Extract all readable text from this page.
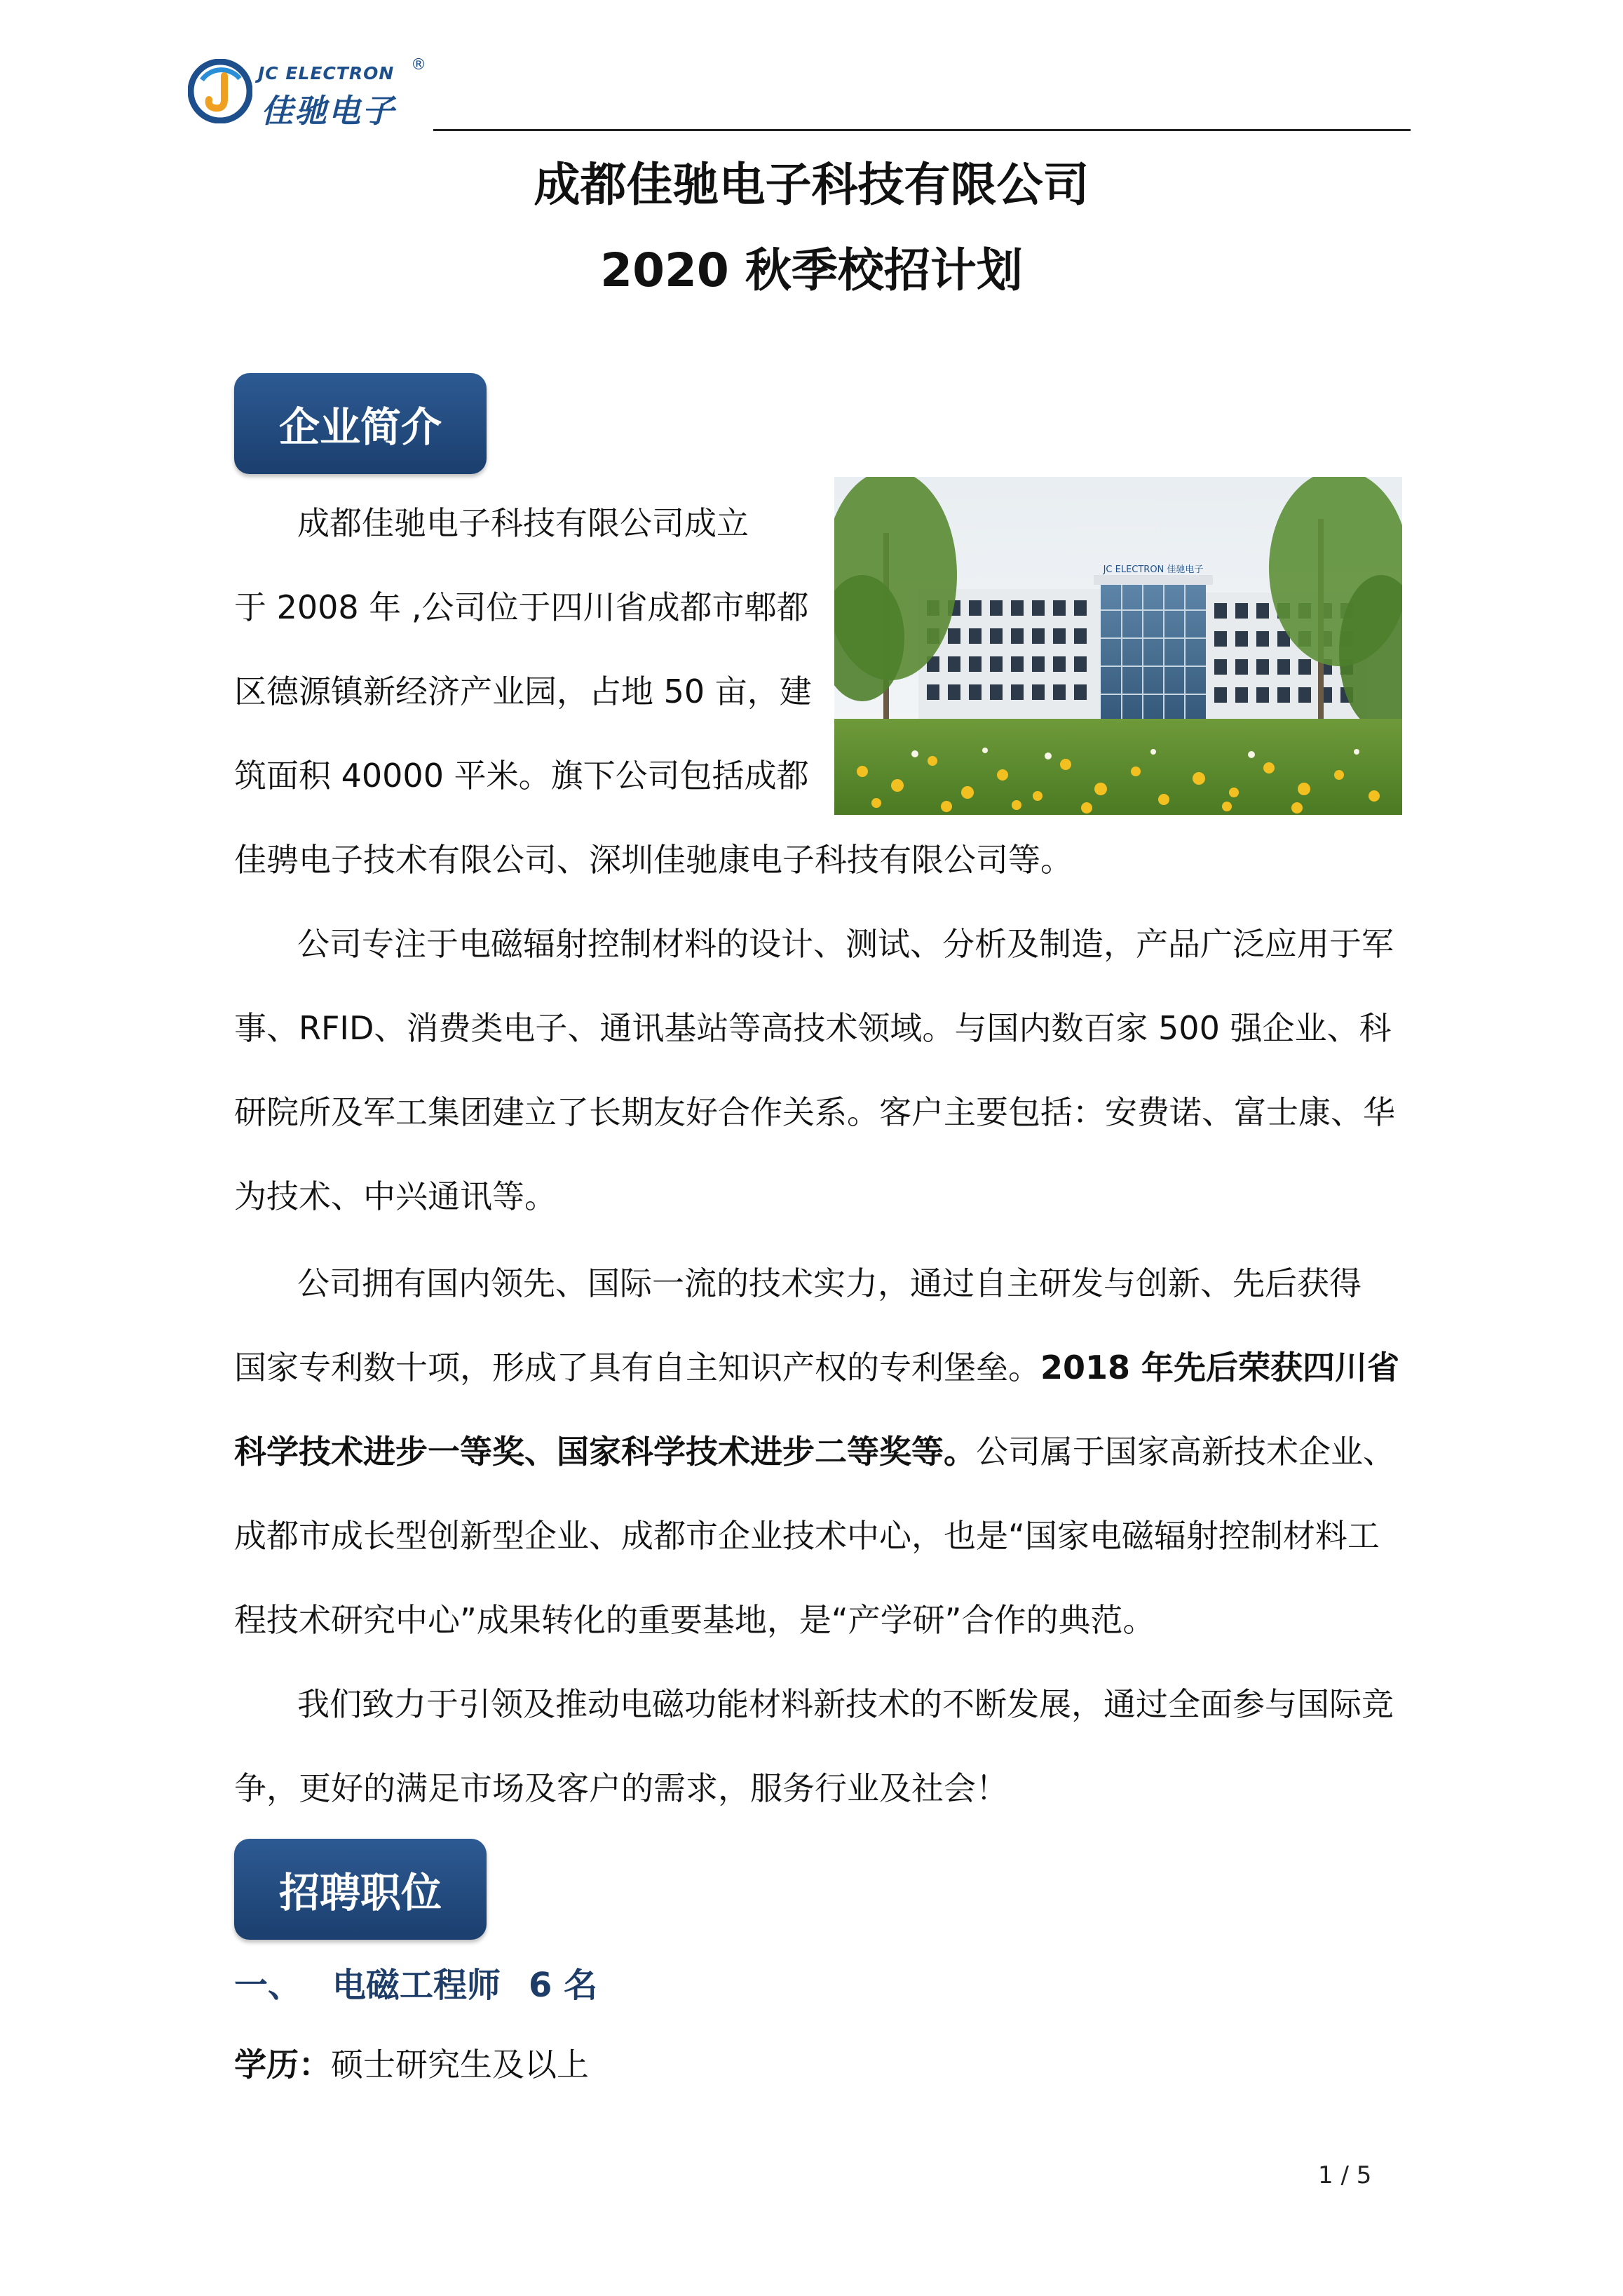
JC ELECTRON ®
佳驰电子
成都佳驰电子科技有限公司
2020 秋季校招计划
企业简介
JC ELECTRON 佳驰电子
成都佳驰电子科技有限公司成立
于 2008 年 ,公司位于四川省成都市郫都
区德源镇新经济产业园，占地 50 亩，建
筑面积 40000 平米。旗下公司包括成都
佳骋电子技术有限公司、深圳佳驰康电子科技有限公司等。
公司专注于电磁辐射控制材料的设计、测试、分析及制造，产品广泛应用于军
事、RFID、消费类电子、通讯基站等高技术领域。与国内数百家 500 强企业、科
研院所及军工集团建立了长期友好合作关系。客户主要包括：安费诺、富士康、华
为技术、中兴通讯等。
公司拥有国内领先、国际一流的技术实力，通过自主研发与创新、先后获得
国家专利数十项，形成了具有自主知识产权的专利堡垒。2018 年先后荣获四川省
科学技术进步一等奖、国家科学技术进步二等奖等。公司属于国家高新技术企业、
成都市成长型创新型企业、成都市企业技术中心，也是“国家电磁辐射控制材料工
程技术研究中心”成果转化的重要基地，是“产学研”合作的典范。
我们致力于引领及推动电磁功能材料新技术的不断发展，通过全面参与国际竞
争，更好的满足市场及客户的需求，服务行业及社会！
招聘职位
一、 电磁工程师 6 名
学历：硕士研究生及以上
1 / 5
